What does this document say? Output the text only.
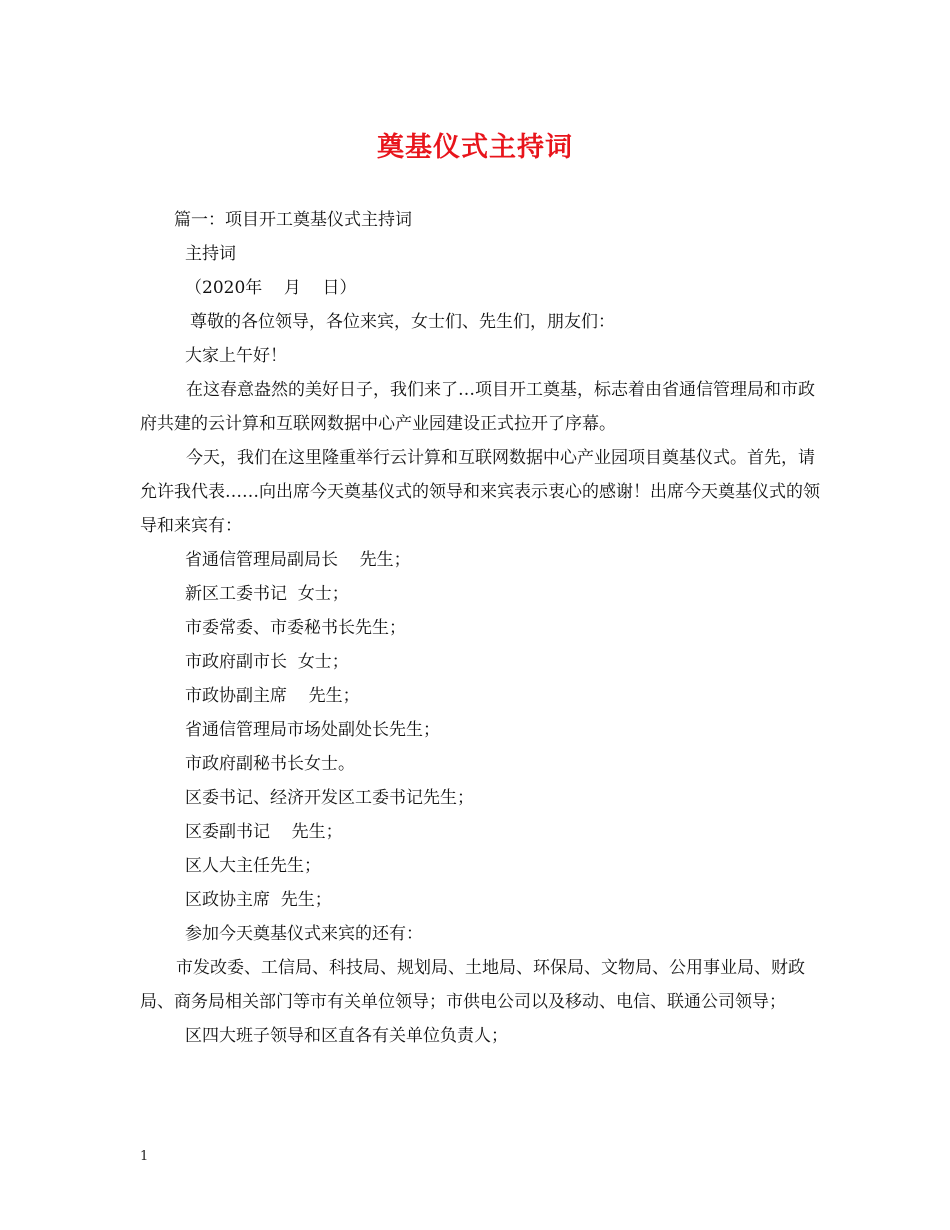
奠基仪式主持词

篇一：项目开工奠基仪式主持词

主持词

（2020年    月    日）

尊敬的各位领导，各位来宾，女士们、先生们，朋友们：

大家上午好！

在这春意盎然的美好日子，我们来了…项目开工奠基，标志着由省通信管理局和市政府共建的云计算和互联网数据中心产业园建设正式拉开了序幕。

今天，我们在这里隆重举行云计算和互联网数据中心产业园项目奠基仪式。首先，请允许我代表……向出席今天奠基仪式的领导和来宾表示衷心的感谢！出席今天奠基仪式的领导和来宾有：

省通信管理局副局长    先生；

新区工委书记  女士；

市委常委、市委秘书长先生；

市政府副市长  女士；

市政协副主席    先生；

省通信管理局市场处副处长先生；

市政府副秘书长女士。

区委书记、经济开发区工委书记先生；

区委副书记    先生；

区人大主任先生；

区政协主席  先生；

参加今天奠基仪式来宾的还有：

市发改委、工信局、科技局、规划局、土地局、环保局、文物局、公用事业局、财政局、商务局相关部门等市有关单位领导；市供电公司以及移动、电信、联通公司领导；

区四大班子领导和区直各有关单位负责人；

1
